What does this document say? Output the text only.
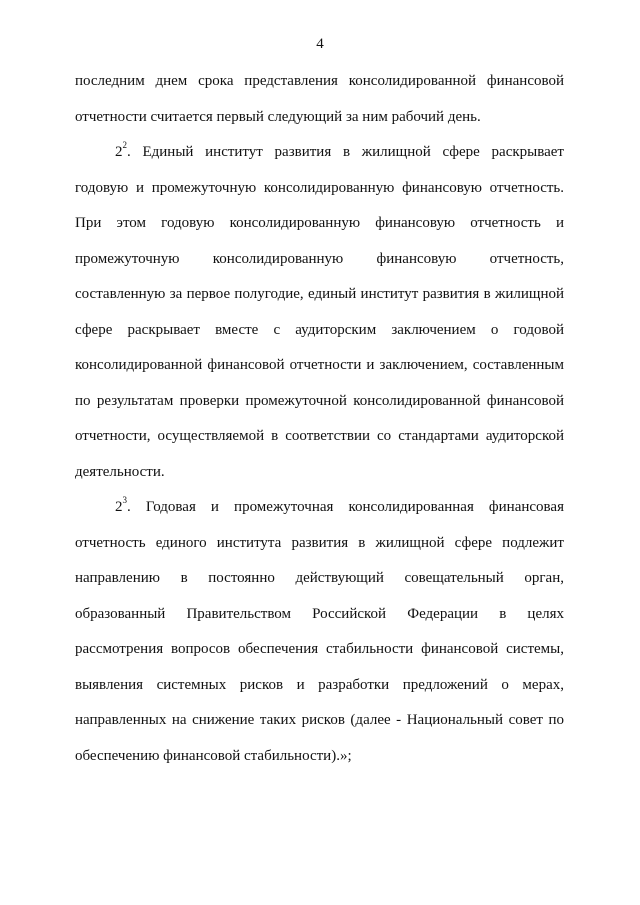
4

последним днем срока представления консолидированной финансовой отчетности считается первый следующий за ним рабочий день.

$2^2$. Единый институт развития в жилищной сфере раскрывает годовую и промежуточную консолидированную финансовую отчетность. При этом годовую консолидированную финансовую отчетность и промежуточную консолидированную финансовую отчетность, составленную за первое полугодие, единый институт развития в жилищной сфере раскрывает вместе с аудиторским заключением о годовой консолидированной финансовой отчетности и заключением, составленным по результатам проверки промежуточной консолидированной финансовой отчетности, осуществляемой в соответствии со стандартами аудиторской деятельности.

$2^3$. Годовая и промежуточная консолидированная финансовая отчетность единого института развития в жилищной сфере подлежит направлению в постоянно действующий совещательный орган, образованный Правительством Российской Федерации в целях рассмотрения вопросов обеспечения стабильности финансовой системы, выявления системных рисков и разработки предложений о мерах, направленных на снижение таких рисков (далее - Национальный совет по обеспечению финансовой стабильности).»;
